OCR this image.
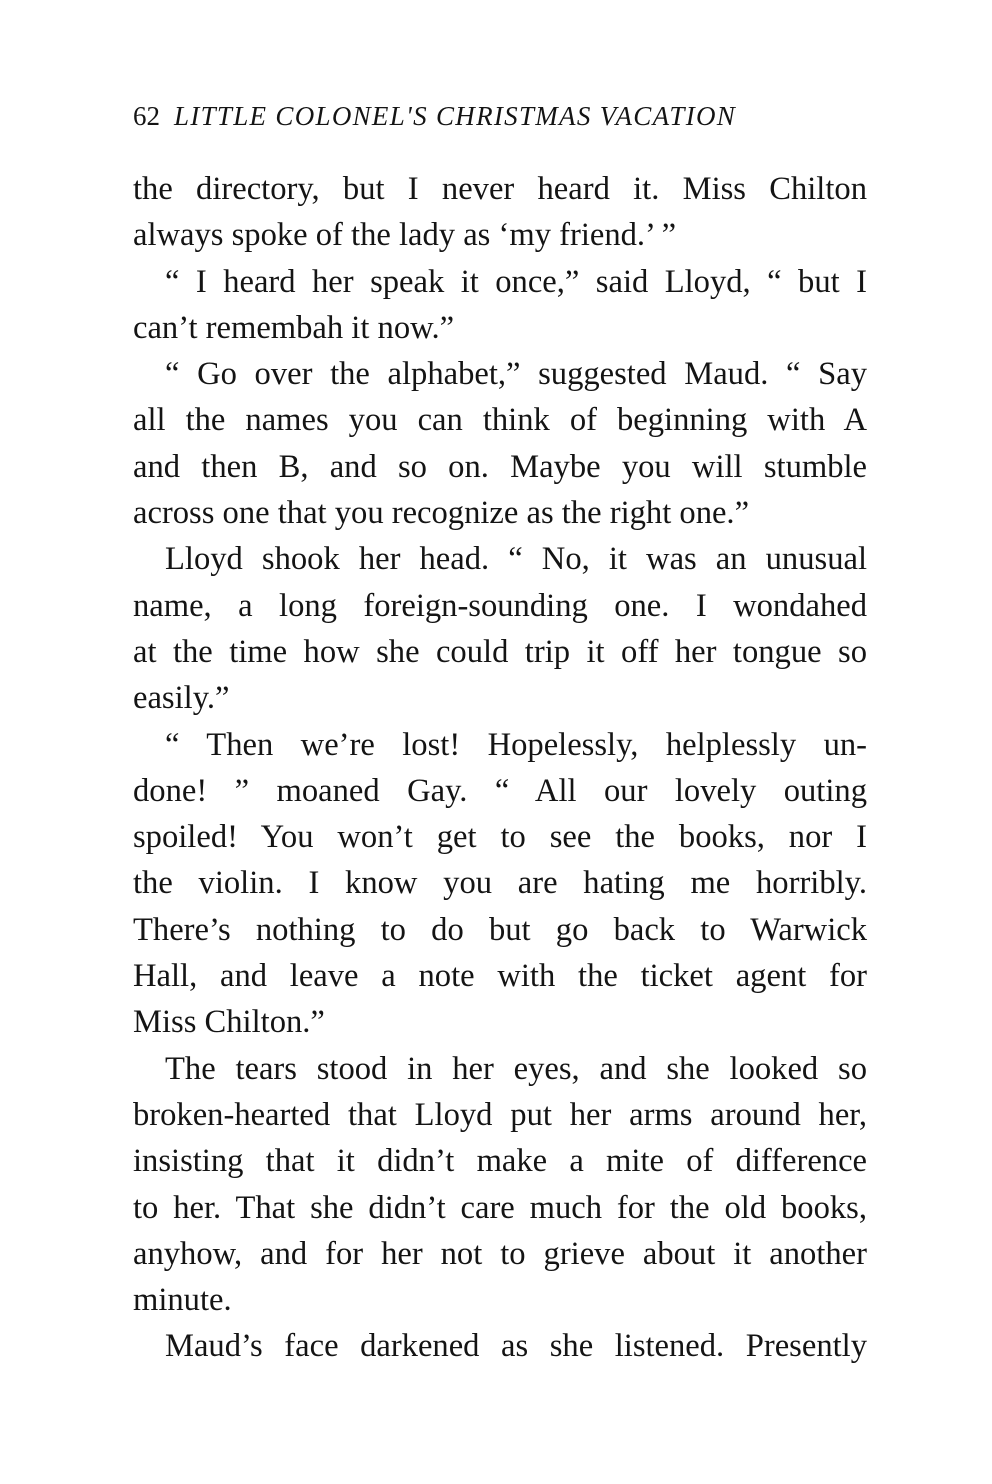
62 LITTLE COLONEL'S CHRISTMAS VACATION

the directory, but I never heard it. Miss Chilton
always spoke of the lady as ‘my friend.’ ”

“ I heard her speak it once,” said Lloyd, “ but I
can’t remembah it now.”

“ Go over the alphabet,” suggested Maud. “ Say
all the names you can think of beginning with A
and then B, and so on. Maybe you will stumble
across one that you recognize as the right one.”

Lloyd shook her head. “ No, it was an unusual
name, a long foreign-sounding one. I wondahed
at the time how she could trip it off her tongue so
easily.”

“ Then we’re lost! Hopelessly, helplessly un-
done! ” moaned Gay. “ All our lovely outing
spoiled! You won’t get to see the books, nor I
the violin. I know you are hating me horribly.
There’s nothing to do but go back to Warwick
Hall, and leave a note with the ticket agent for
Miss Chilton.”

The tears stood in her eyes, and she looked so
broken-hearted that Lloyd put her arms around her,
insisting that it didn’t make a mite of difference
to her. That she didn’t care much for the old books,
anyhow, and for her not to grieve about it another
minute.

Maud’s face darkened as she listened. Presently
